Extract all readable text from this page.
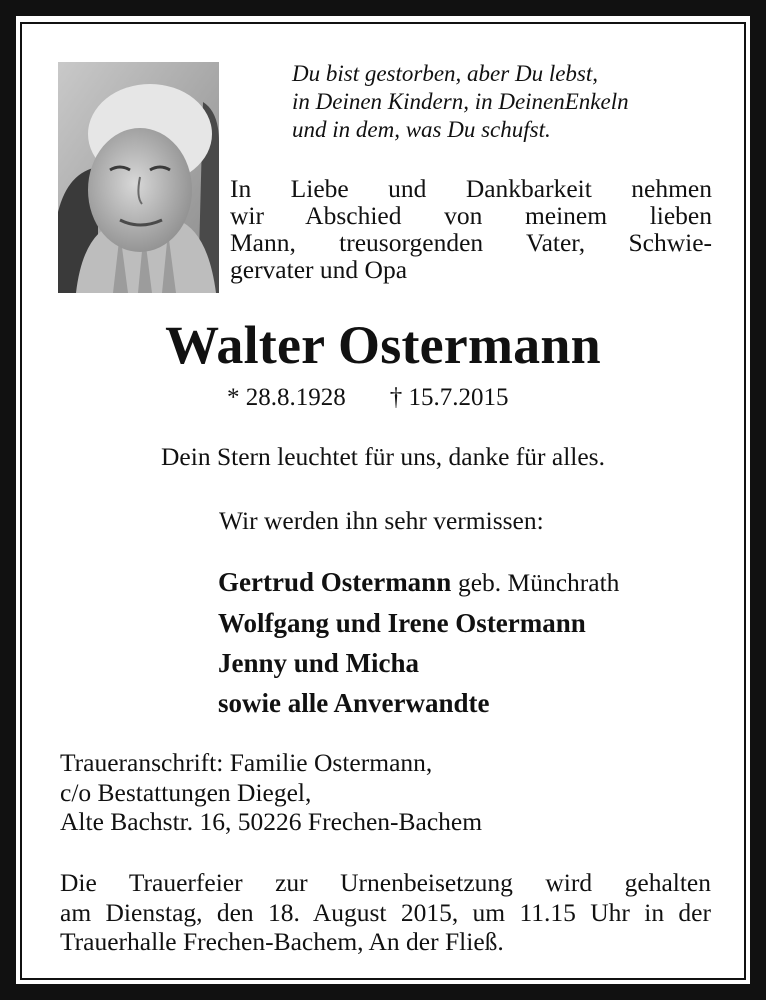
Du bist gestorben, aber Du lebst,
in Deinen Kindern, in DeinenEnkeln
und in dem, was Du schufst.
In Liebe und Dankbarkeit nehmen
wir Abschied von meinem lieben
Mann, treusorgenden Vater, Schwie-
gervater und Opa
Walter Ostermann
* 28.8.1928 † 15.7.2015
Dein Stern leuchtet für uns, danke für alles.
Wir werden ihn sehr vermissen:
Gertrud Ostermann geb. Münchrath
Wolfgang und Irene Ostermann
Jenny und Micha
sowie alle Anverwandte
Traueranschrift: Familie Ostermann,
c/o Bestattungen Diegel,
Alte Bachstr. 16, 50226 Frechen-Bachem
Die Trauerfeier zur Urnenbeisetzung wird gehalten
am Dienstag, den 18. August 2015, um 11.15 Uhr in der
Trauerhalle Frechen-Bachem, An der Fließ.
